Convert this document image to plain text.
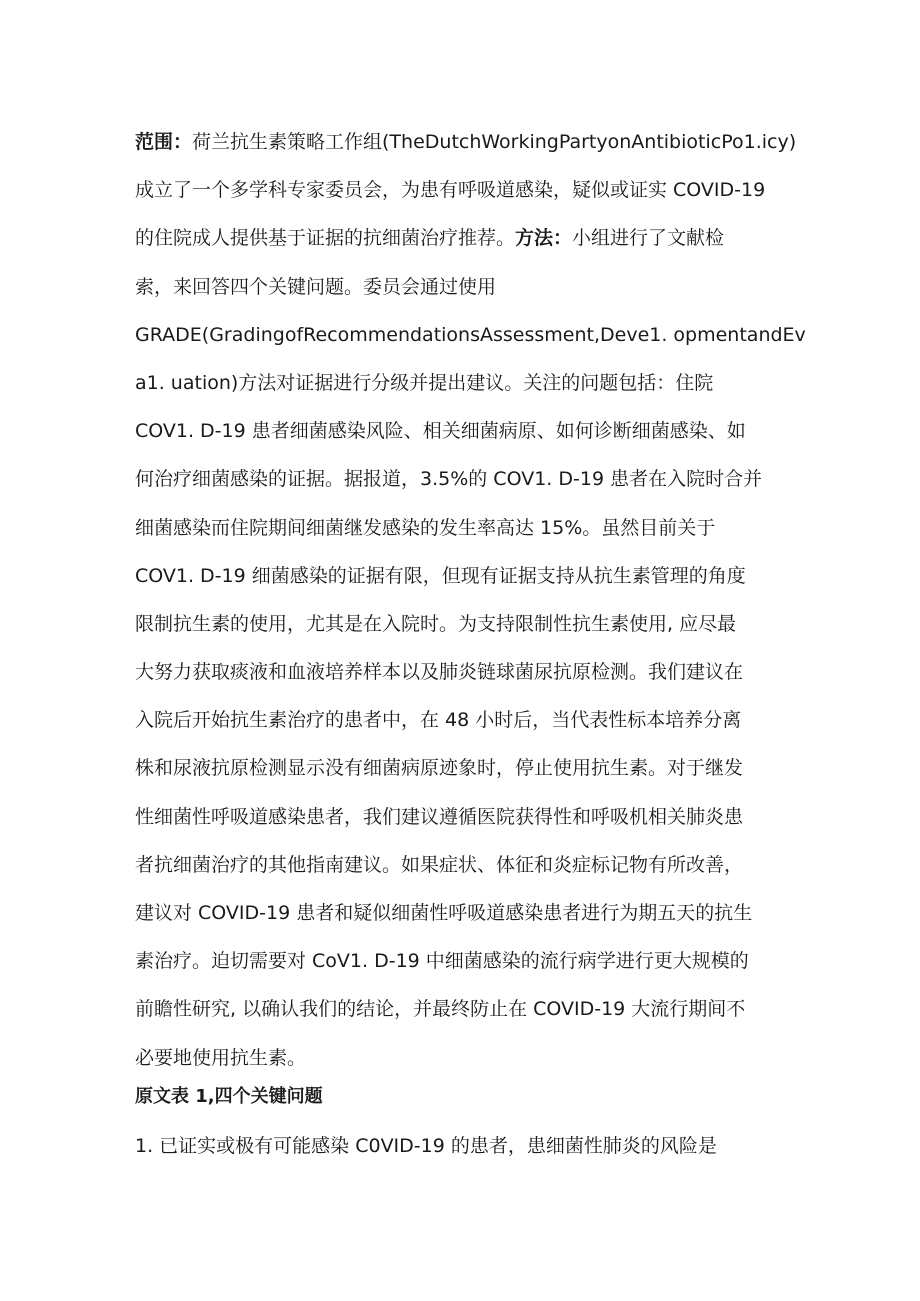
范围：荷兰抗生素策略工作组(TheDutchWorkingPartyonAntibioticPo1.icy)
成立了一个多学科专家委员会，为患有呼吸道感染，疑似或证实 COVID-19
的住院成人提供基于证据的抗细菌治疗推荐。方法：小组进行了文献检
索，来回答四个关键问题。委员会通过使用
GRADE(GradingofRecommendationsAssessment,Deve1. opmentandEv
a1. uation)方法对证据进行分级并提出建议。关注的问题包括：住院
COV1. D-19 患者细菌感染风险、相关细菌病原、如何诊断细菌感染、如
何治疗细菌感染的证据。据报道，3.5%的 COV1. D-19 患者在入院时合并
细菌感染而住院期间细菌继发感染的发生率高达 15%。虽然目前关于
COV1. D-19 细菌感染的证据有限，但现有证据支持从抗生素管理的角度
限制抗生素的使用，尤其是在入院时。为支持限制性抗生素使用, 应尽最
大努力获取痰液和血液培养样本以及肺炎链球菌尿抗原检测。我们建议在
入院后开始抗生素治疗的患者中，在 48 小时后，当代表性标本培养分离
株和尿液抗原检测显示没有细菌病原迹象时，停止使用抗生素。对于继发
性细菌性呼吸道感染患者，我们建议遵循医院获得性和呼吸机相关肺炎患
者抗细菌治疗的其他指南建议。如果症状、体征和炎症标记物有所改善，
建议对 COVID-19 患者和疑似细菌性呼吸道感染患者进行为期五天的抗生
素治疗。迫切需要对 CoV1. D-19 中细菌感染的流行病学进行更大规模的
前瞻性研究, 以确认我们的结论，并最终防止在 COVID-19 大流行期间不
必要地使用抗生素。

原文表 1,四个关键问题

1. 已证实或极有可能感染 C0VID-19 的患者，患细菌性肺炎的风险是
